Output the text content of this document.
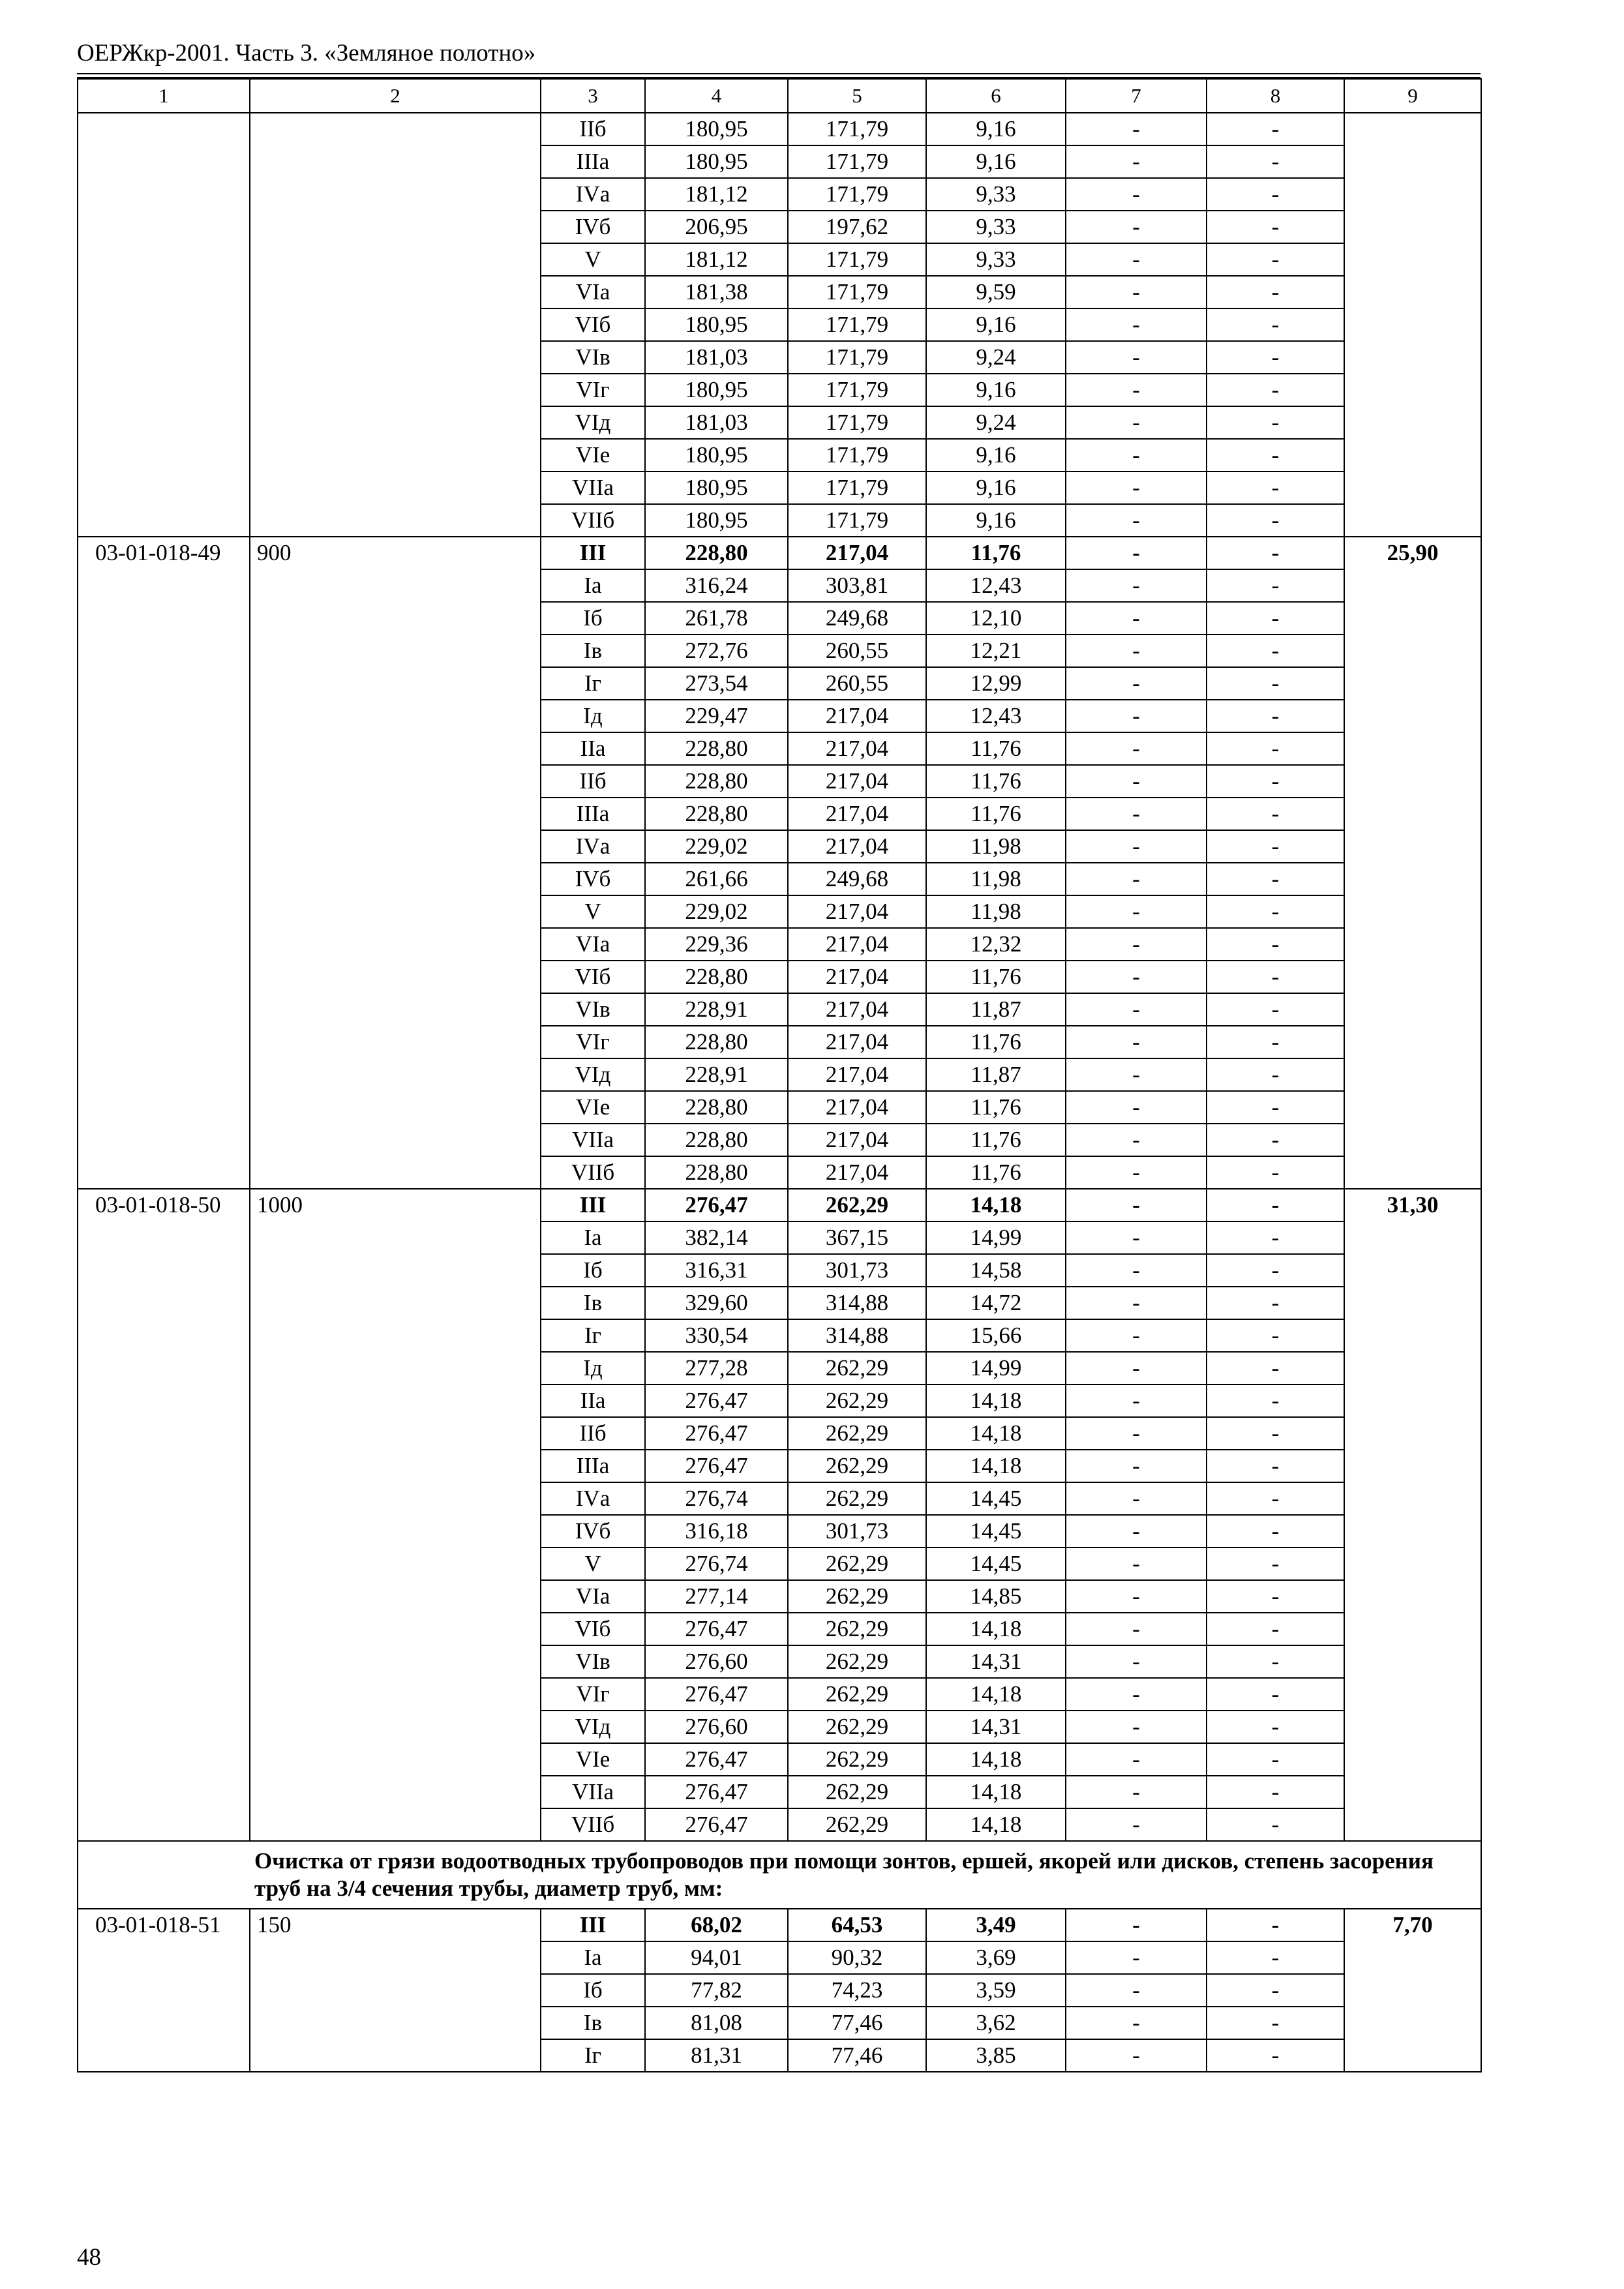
ОЕРЖкр-2001. Часть 3. «Земляное полотно»
1	2	3	4	5	6	7	8	9
		IIб	180,95	171,79	9,16	-	-	
		IIIа	180,95	171,79	9,16	-	-	
		IVа	181,12	171,79	9,33	-	-	
		IVб	206,95	197,62	9,33	-	-	
		V	181,12	171,79	9,33	-	-	
		VIа	181,38	171,79	9,59	-	-	
		VIб	180,95	171,79	9,16	-	-	
		VIв	181,03	171,79	9,24	-	-	
		VIг	180,95	171,79	9,16	-	-	
		VIд	181,03	171,79	9,24	-	-	
		VIе	180,95	171,79	9,16	-	-	
		VIIа	180,95	171,79	9,16	-	-	
		VIIб	180,95	171,79	9,16	-	-	
03-01-018-49	900	III	228,80	217,04	11,76	-	-	25,90
		Iа	316,24	303,81	12,43	-	-	
		Iб	261,78	249,68	12,10	-	-	
		Iв	272,76	260,55	12,21	-	-	
		Iг	273,54	260,55	12,99	-	-	
		Iд	229,47	217,04	12,43	-	-	
		IIа	228,80	217,04	11,76	-	-	
		IIб	228,80	217,04	11,76	-	-	
		IIIа	228,80	217,04	11,76	-	-	
		IVа	229,02	217,04	11,98	-	-	
		IVб	261,66	249,68	11,98	-	-	
		V	229,02	217,04	11,98	-	-	
		VIа	229,36	217,04	12,32	-	-	
		VIб	228,80	217,04	11,76	-	-	
		VIв	228,91	217,04	11,87	-	-	
		VIг	228,80	217,04	11,76	-	-	
		VIд	228,91	217,04	11,87	-	-	
		VIе	228,80	217,04	11,76	-	-	
		VIIа	228,80	217,04	11,76	-	-	
		VIIб	228,80	217,04	11,76	-	-	
03-01-018-50	1000	III	276,47	262,29	14,18	-	-	31,30
		Iа	382,14	367,15	14,99	-	-	
		Iб	316,31	301,73	14,58	-	-	
		Iв	329,60	314,88	14,72	-	-	
		Iг	330,54	314,88	15,66	-	-	
		Iд	277,28	262,29	14,99	-	-	
		IIа	276,47	262,29	14,18	-	-	
		IIб	276,47	262,29	14,18	-	-	
		IIIа	276,47	262,29	14,18	-	-	
		IVа	276,74	262,29	14,45	-	-	
		IVб	316,18	301,73	14,45	-	-	
		V	276,74	262,29	14,45	-	-	
		VIа	277,14	262,29	14,85	-	-	
		VIб	276,47	262,29	14,18	-	-	
		VIв	276,60	262,29	14,31	-	-	
		VIг	276,47	262,29	14,18	-	-	
		VIд	276,60	262,29	14,31	-	-	
		VIе	276,47	262,29	14,18	-	-	
		VIIа	276,47	262,29	14,18	-	-	
		VIIб	276,47	262,29	14,18	-	-	
Очистка от грязи водоотводных трубопроводов при помощи зонтов, ершей, якорей или дисков, степень засорения труб на 3/4 сечения трубы, диаметр труб, мм:								
03-01-018-51	150	III	68,02	64,53	3,49	-	-	7,70
		Iа	94,01	90,32	3,69	-	-	
		Iб	77,82	74,23	3,59	-	-	
		Iв	81,08	77,46	3,62	-	-	
		Iг	81,31	77,46	3,85	-	-	
48
